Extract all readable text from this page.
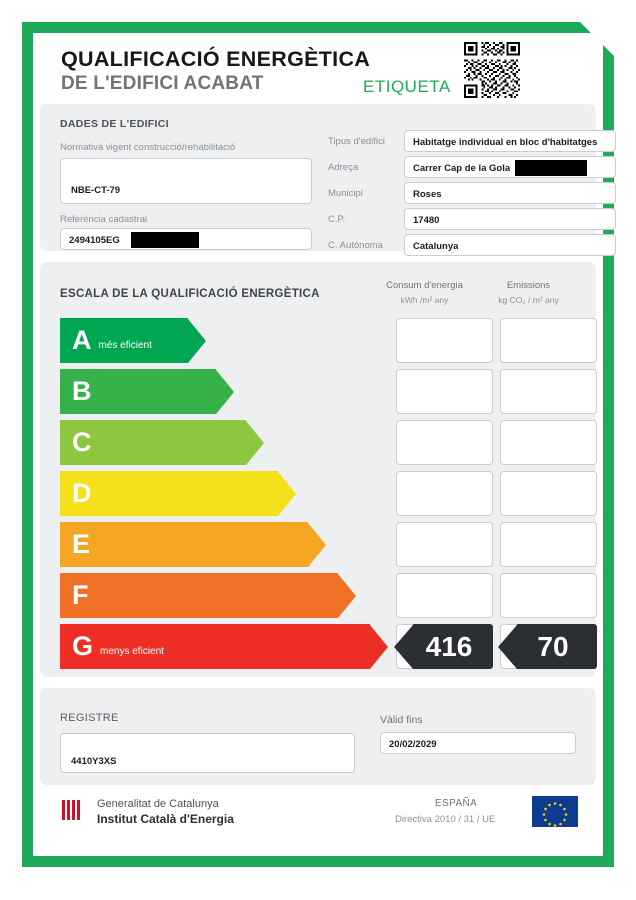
QUALIFICACIÓ ENERGÈTICA
DE L'EDIFICI ACABAT	ETIQUETA
DADES DE L'EDIFICI
Normativa vigent construcció/rehabilitació
NBE-CT-79
Referència cadastral
2494105EG
Tipus d'edifici	Habitatge individual en bloc d'habitatges
Adreça	Carrer Cap de la Gola
Municipi	Roses
C.P.	17480
C. Autònoma	Catalunya
ESCALA DE LA QUALIFICACIÓ ENERGÈTICA
Consum d'energia
kWh /m² any
Emissions
kg CO₂ / m² any
A més eficient
B
C
D
E
F
G menys eficient	416	70
REGISTRE
4410Y3XS
Vàlid fins
20/02/2029
Generalitat de Catalunya
Institut Català d'Energia
ESPAÑA
Directiva 2010 / 31 / UE
